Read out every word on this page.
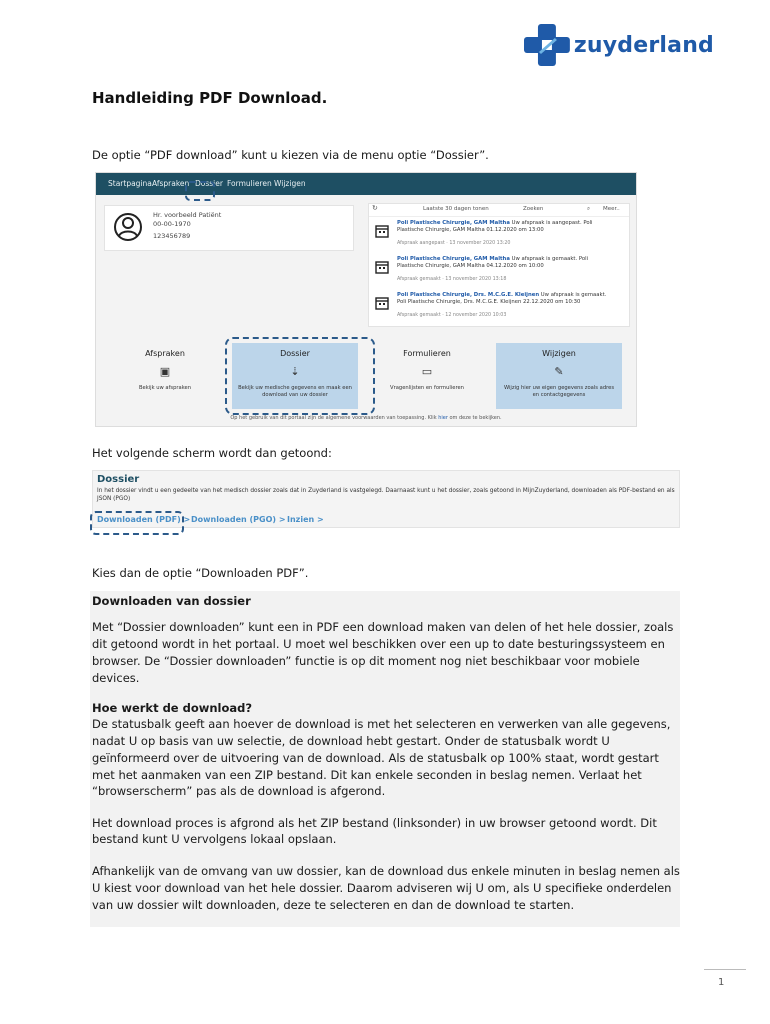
zuyderland
Handleiding PDF Download.
De optie “PDF download” kunt u kiezen via de menu optie “Dossier”.
Startpagina Afspraken Dossier Formulieren Wijzigen
Hr. voorbeeld Patiënt
00-00-1970
123456789
↻	Laatste 30 dagen tonen	Zoeken	⌕ Meer..
Poli Plastische Chirurgie, GAM Maltha Uw afspraak is aangepast. Poli Plastische Chirurgie, GAM Maltha 01.12.2020 om 13:00
Afspraak aangepast · 13 november 2020 13:20
Poli Plastische Chirurgie, GAM Maltha Uw afspraak is gemaakt. Poli Plastische Chirurgie, GAM Maltha 04.12.2020 om 10:00
Afspraak gemaakt · 13 november 2020 13:18
Poli Plastische Chirurgie, Drs. M.C.G.E. Kleijnen Uw afspraak is gemaakt. Poli Plastische Chirurgie, Drs. M.C.G.E. Kleijnen 22.12.2020 om 10:30
Afspraak gemaakt · 12 november 2020 10:03
Afspraken
▣
Bekijk uw afspraken
Dossier
⇣
Bekijk uw medische gegevens en maak een download van uw dossier
Formulieren
▭
Vragenlijsten en formulieren
Wijzigen
✎
Wijzig hier uw eigen gegevens zoals adres en contactgegevens
Op het gebruik van dit portaal zijn de algemene voorwaarden van toepassing. Klik hier om deze te bekijken.
Het volgende scherm wordt dan getoond:
Dossier
In het dossier vindt u een gedeelte van het medisch dossier zoals dat in Zuyderland is vastgelegd. Daarnaast kunt u het dossier, zoals getoond in MijnZuyderland, downloaden als PDF-bestand en als JSON (PGO)
Downloaden (PDF) > Downloaden (PGO) > Inzien >
Kies dan de optie “Downloaden PDF”.
Downloaden van dossier
Met “Dossier downloaden” kunt een in PDF een download maken van delen of het hele dossier, zoals
dit getoond wordt in het portaal. U moet wel beschikken over een up to date besturingssysteem en
browser. De “Dossier downloaden” functie is op dit moment nog niet beschikbaar voor mobiele
devices.
Hoe werkt de download?
De statusbalk geeft aan hoever de download is met het selecteren en verwerken van alle gegevens,
nadat U op basis van uw selectie, de download hebt gestart. Onder de statusbalk wordt U
geïnformeerd over de uitvoering van de download. Als de statusbalk op 100% staat, wordt gestart
met het aanmaken van een ZIP bestand. Dit kan enkele seconden in beslag nemen. Verlaat het
“browserscherm” pas als de download is afgerond.
Het download proces is afgrond als het ZIP bestand (linksonder) in uw browser getoond wordt. Dit
bestand kunt U vervolgens lokaal opslaan.
Afhankelijk van de omvang van uw dossier, kan de download dus enkele minuten in beslag nemen als
U kiest voor download van het hele dossier. Daarom adviseren wij U om, als U specifieke onderdelen
van uw dossier wilt downloaden, deze te selecteren en dan de download te starten.
1
